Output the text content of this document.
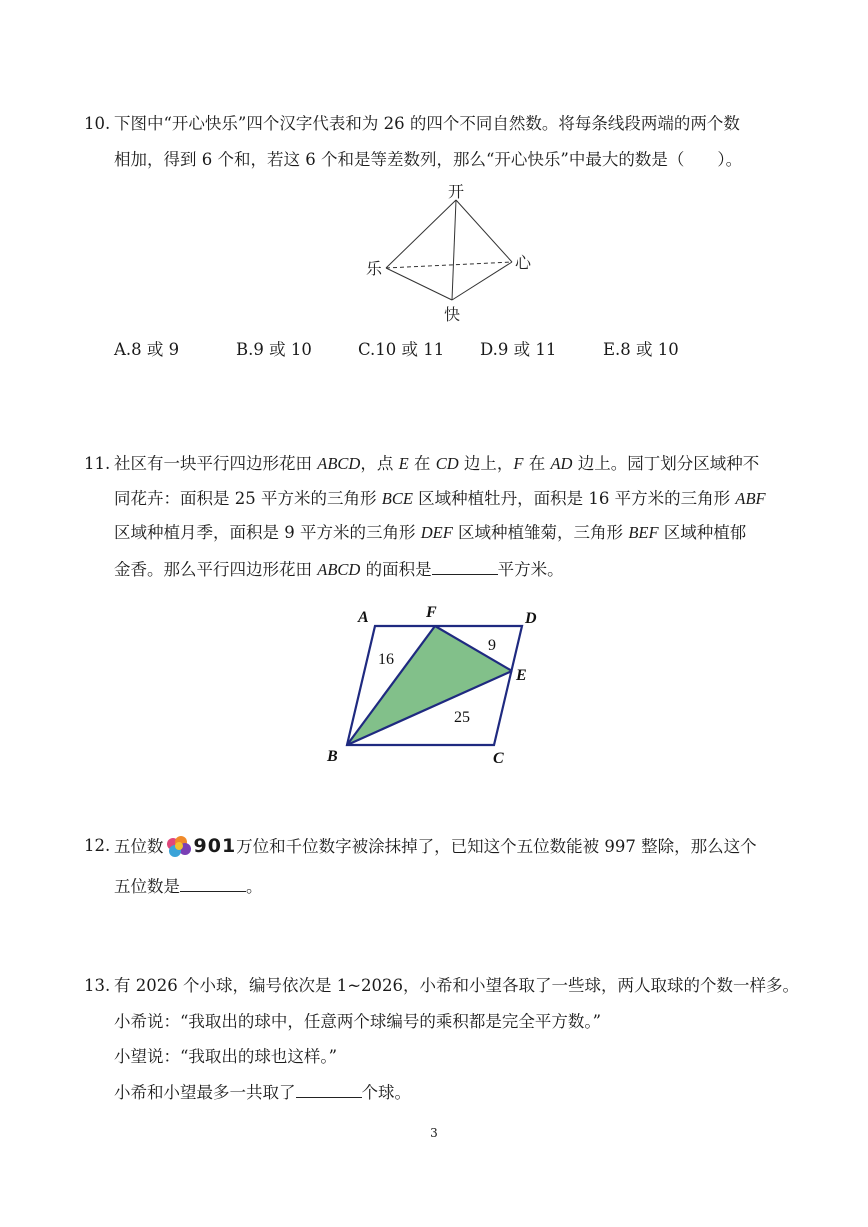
10. 下图中“开心快乐”四个汉字代表和为 26 的四个不同自然数。将每条线段两端的两个数
相加，得到 6 个和，若这 6 个和是等差数列，那么“开心快乐”中最大的数是（　　）。
开
心
快
乐
A.8 或 9	B.9 或 10	C.10 或 11 D.9 或 11	E.8 或 10
11. 社区有一块平行四边形花田 ABCD，点 E 在 CD 边上，F 在 AD 边上。园丁划分区域种不
同花卉：面积是 25 平方米的三角形 BCE 区域种植牡丹，面积是 16 平方米的三角形 ABF
区域种植月季，面积是 9 平方米的三角形 DEF 区域种植雏菊，三角形 BEF 区域种植郁
金香。那么平行四边形花田 ABCD 的面积是	平方米。
A	F	D
E
B	C
16
9
25
12. 五位数 901万位和千位数字被涂抹掉了，已知这个五位数能被 997 整除，那么这个
五位数是	。
13. 有 2026 个小球，编号依次是 1~2026，小希和小望各取了一些球，两人取球的个数一样多。
小希说：“我取出的球中，任意两个球编号的乘积都是完全平方数。”
小望说：“我取出的球也这样。”
小希和小望最多一共取了	个球。
3
